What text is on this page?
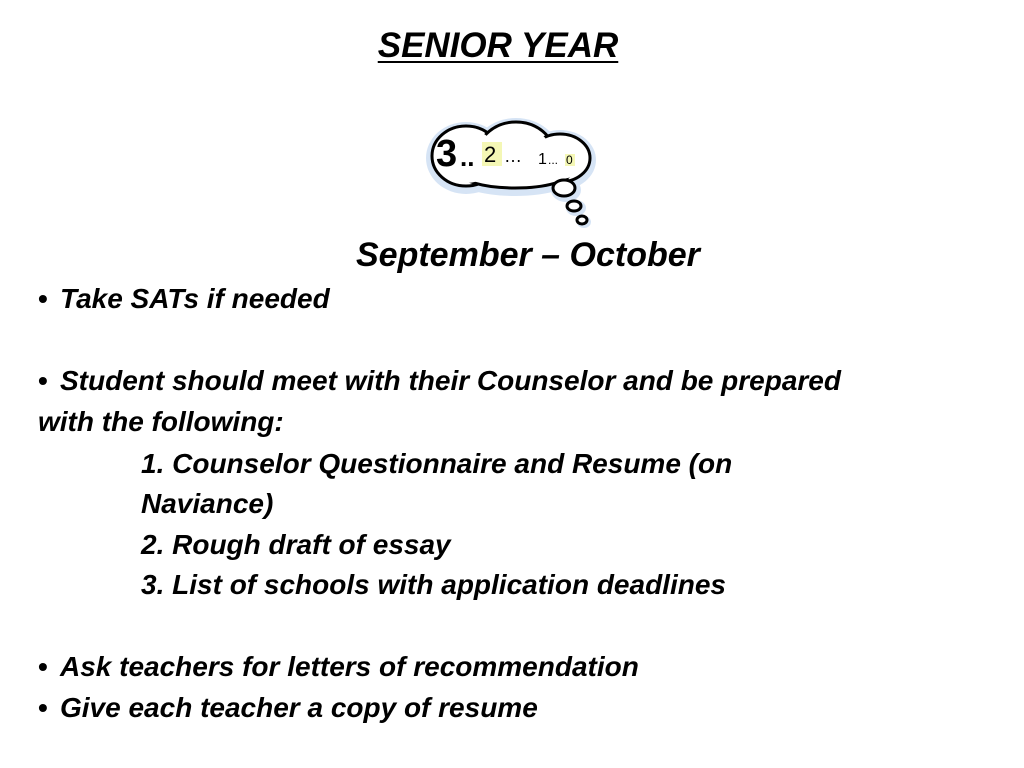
SENIOR YEAR
3 .. 2 … 1 ... 0
September – October
• Take SATs if needed
• Student should meet with their Counselor and be prepared
with the following:
1. Counselor Questionnaire and Resume (on
Naviance)
2. Rough draft of essay
3. List of schools with application deadlines
• Ask teachers for letters of recommendation
• Give each teacher a copy of resume
